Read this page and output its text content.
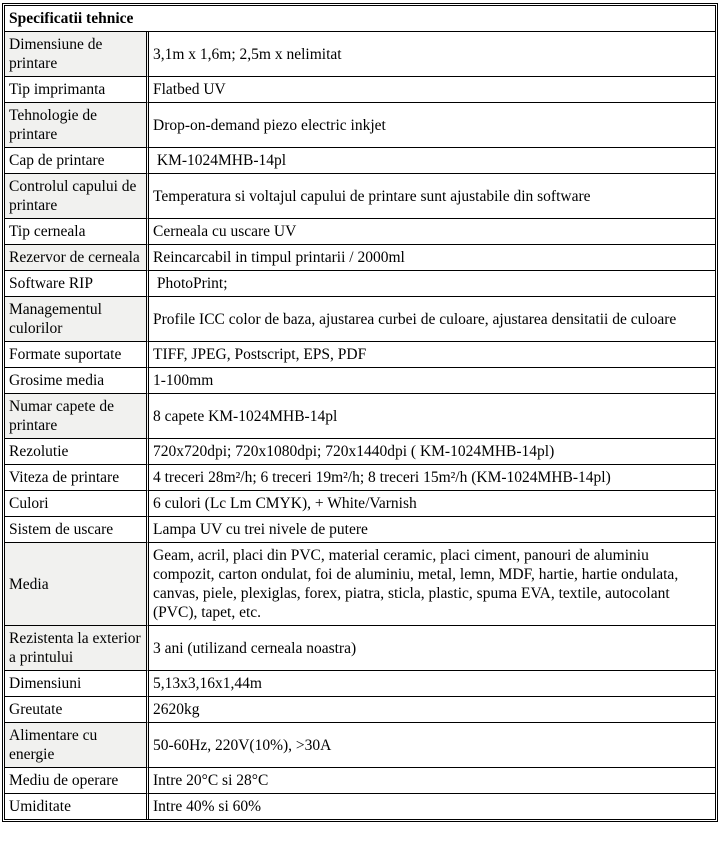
Specificatii tehnice	
Dimensiune de printare	3,1m x 1,6m; 2,5m x nelimitat
Tip imprimanta	Flatbed UV
Tehnologie de printare	Drop-on-demand piezo electric inkjet
Cap de printare	KM-1024MHB-14pl
Controlul capului de printare	Temperatura si voltajul capului de printare sunt ajustabile din software
Tip cerneala	Cerneala cu uscare UV
Rezervor de cerneala	Reincarcabil in timpul printarii / 2000ml
Software RIP	PhotoPrint;
Managementul culorilor	Profile ICC color de baza, ajustarea curbei de culoare, ajustarea densitatii de culoare
Formate suportate	TIFF, JPEG, Postscript, EPS, PDF
Grosime media	1-100mm
Numar capete de printare	8 capete KM-1024MHB-14pl
Rezolutie	720x720dpi; 720x1080dpi; 720x1440dpi ( KM-1024MHB-14pl)
Viteza de printare	4 treceri 28m²/h; 6 treceri 19m²/h; 8 treceri 15m²/h (KM-1024MHB-14pl)
Culori	6 culori (Lc Lm CMYK), + White/Varnish
Sistem de uscare	Lampa UV cu trei nivele de putere
Media	Geam, acril, placi din PVC, material ceramic, placi ciment, panouri de aluminiu compozit, carton ondulat, foi de aluminiu, metal, lemn, MDF, hartie, hartie ondulata, canvas, piele, plexiglas, forex, piatra, sticla, plastic, spuma EVA, textile, autocolant (PVC), tapet, etc.
Rezistenta la exterior a printului	3 ani (utilizand cerneala noastra)
Dimensiuni	5,13x3,16x1,44m
Greutate	2620kg
Alimentare cu energie	50-60Hz, 220V(10%), >30A
Mediu de operare	Intre 20°C si 28°C
Umiditate	Intre 40% si 60%
